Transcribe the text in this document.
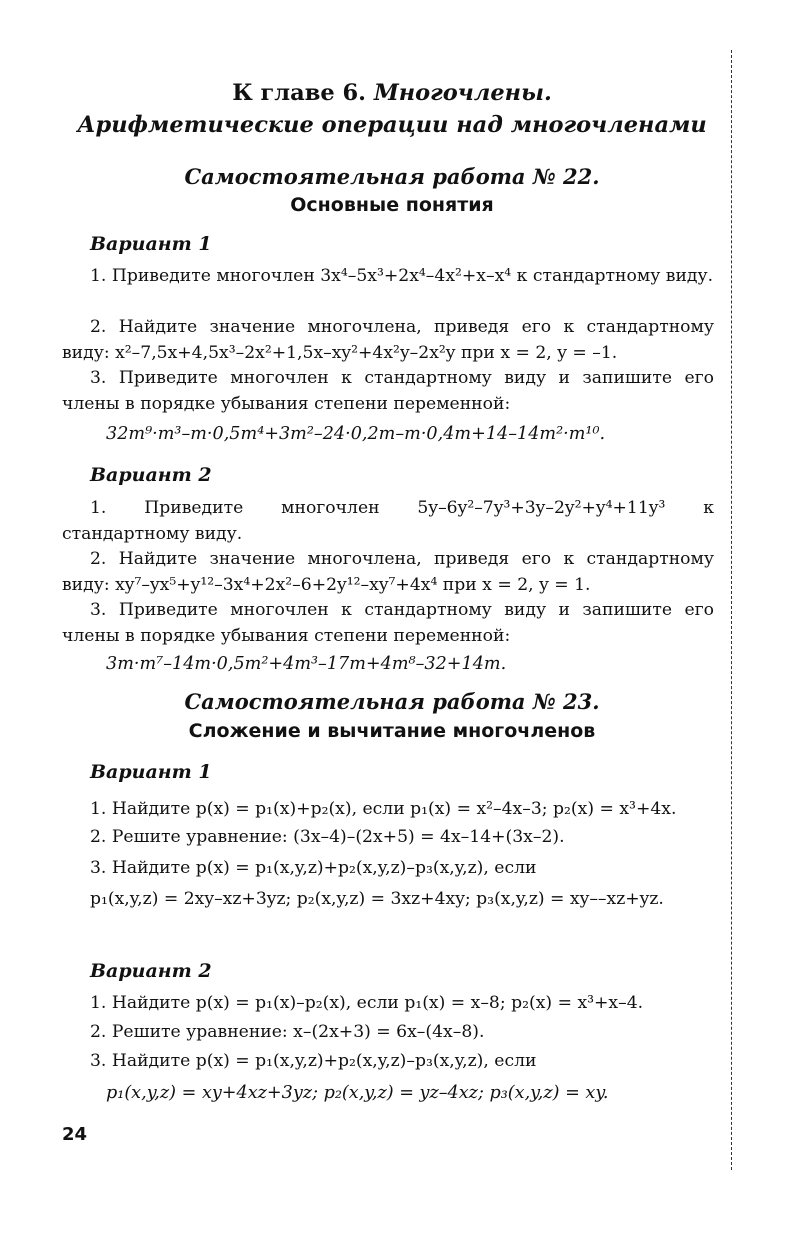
К главе 6. Многочлены.
Арифметические операции над многочленами
Самостоятельная работа № 22.
Основные понятия
Вариант 1
1. Приведите многочлен 3x⁴–5x³+2x⁴–4x²+x–x⁴ к стандартному виду.
2. Найдите значение многочлена, приведя его к стандартному виду: x²–7,5x+4,5x³–2x²+1,5x–xy²+4x²y–2x²y при x = 2, y = –1.
3. Приведите многочлен к стандартному виду и запишите его члены в порядке убывания степени переменной:
32m⁹·m³–m·0,5m⁴+3m²–24·0,2m–m·0,4m+14–14m²·m¹⁰.
Вариант 2
1. Приведите многочлен 5y–6y²–7y³+3y–2y²+y⁴+11y³ к стандартному виду.
2. Найдите значение многочлена, приведя его к стандартному виду: xy⁷–yx⁵+y¹²–3x⁴+2x²–6+2y¹²–xy⁷+4x⁴ при x = 2, y = 1.
3. Приведите многочлен к стандартному виду и запишите его члены в порядке убывания степени переменной:
3m·m⁷–14m·0,5m²+4m³–17m+4m⁸–32+14m.
Самостоятельная работа № 23.
Сложение и вычитание многочленов
Вариант 1
1. Найдите p(x) = p₁(x)+p₂(x), если p₁(x) = x²–4x–3; p₂(x) = x³+4x.
2. Решите уравнение: (3x–4)–(2x+5) = 4x–14+(3x–2).
3. Найдите p(x) = p₁(x,y,z)+p₂(x,y,z)–p₃(x,y,z), если
p₁(x,y,z) = 2xy–xz+3yz; p₂(x,y,z) = 3xz+4xy; p₃(x,y,z) = xy––xz+yz.
Вариант 2
1. Найдите p(x) = p₁(x)–p₂(x), если p₁(x) = x–8; p₂(x) = x³+x–4.
2. Решите уравнение: x–(2x+3) = 6x–(4x–8).
3. Найдите p(x) = p₁(x,y,z)+p₂(x,y,z)–p₃(x,y,z), если
p₁(x,y,z) = xy+4xz+3yz; p₂(x,y,z) = yz–4xz; p₃(x,y,z) = xy.
24
